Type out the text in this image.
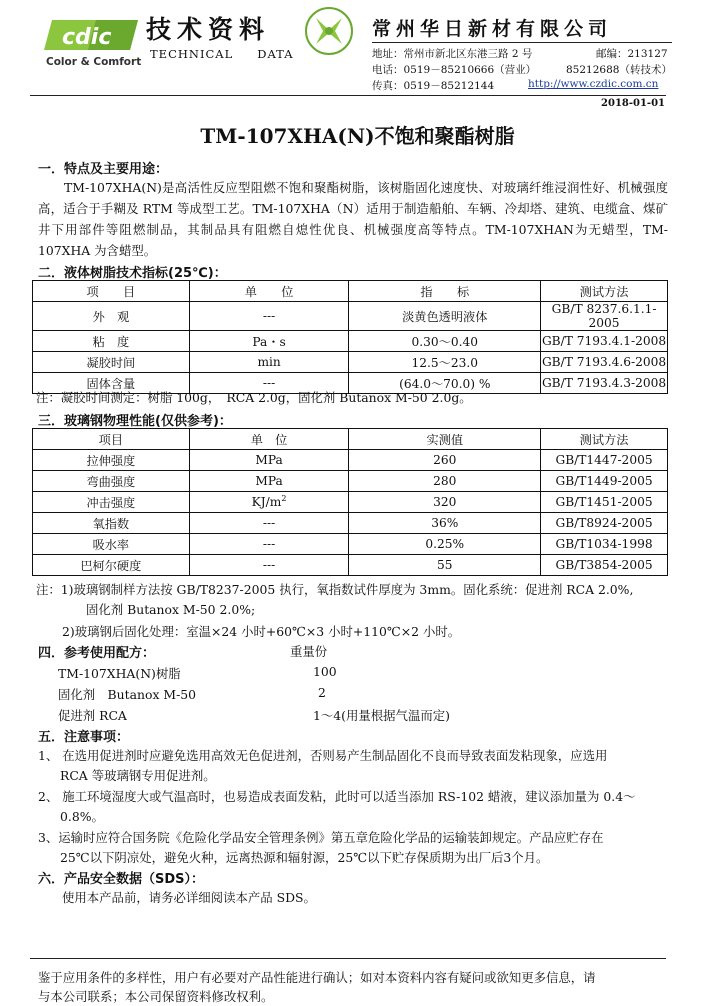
cdic
Color & Comfort
技术资料
TECHNICAL DATA
常州华日新材有限公司
地址：常州市新北区东港三路 2 号	邮编：213127
电话：0519－85210666（营业）	85212688（转技术）
传真：0519－85212144	http://www.czdic.com.cn
2018-01-01
TM-107XHA(N)不饱和聚酯树脂
一．特点及主要用途：
TM-107XHA(N)是高活性反应型阻燃不饱和聚酯树脂，该树脂固化速度快、对玻璃纤维浸润性好、机械强度高，适合于手糊及 RTM 等成型工艺。TM-107XHA（N）适用于制造船舶、车辆、冷却塔、建筑、电缆盒、煤矿井下用部件等阻燃制品，其制品具有阻燃自熄性优良、机械强度高等特点。TM-107XHAN为无蜡型，TM-107XHA 为含蜡型。
二．液体树脂技术指标(25℃)：
项　　目	单　　位	指　　标	测试方法
外　观	---	淡黄色透明液体	GB/T 8237.6.1.1-2005
粘　度	Pa・s	0.30～0.40	GB/T 7193.4.1-2008
凝胶时间	min	12.5～23.0	GB/T 7193.4.6-2008
固体含量	---	(64.0～70.0) %	GB/T 7193.4.3-2008
注：凝胶时间测定：树脂 100g，　RCA 2.0g，固化剂 Butanox M-50 2.0g。
三．玻璃钢物理性能(仅供参考)：
项目	单　位	实测值	测试方法
拉伸强度	MPa	260	GB/T1447-2005
弯曲强度	MPa	280	GB/T1449-2005
冲击强度	$KJ/m^2$	320	GB/T1451-2005
氧指数	---	36%	GB/T8924-2005
吸水率	---	0.25%	GB/T1034-1998
巴柯尔硬度	---	55	GB/T3854-2005
注：1)玻璃钢制样方法按 GB/T8237-2005 执行，氧指数试件厚度为 3mm。固化系统：促进剂 RCA 2.0%,
固化剂 Butanox M-50 2.0%;
2)玻璃钢后固化处理：室温×24 小时+60℃×3 小时+110℃×2 小时。
四．参考使用配方：	重量份
TM-107XHA(N)树脂	100
固化剂　Butanox M-50	2
促进剂 RCA	1～4(用量根据气温而定)
五．注意事项：
1、 在选用促进剂时应避免选用高效无色促进剂，否则易产生制品固化不良而导致表面发粘现象，应选用
RCA 等玻璃钢专用促进剂。
2、 施工环境湿度大或气温高时，也易造成表面发粘，此时可以适当添加 RS-102 蜡液，建议添加量为 0.4～
0.8%。
3、运输时应符合国务院《危险化学品安全管理条例》第五章危险化学品的运输装卸规定。产品应贮存在
25℃以下阴凉处，避免火种，远离热源和辐射源，25℃以下贮存保质期为出厂后3个月。
六．产品安全数据（SDS）：
使用本产品前，请务必详细阅读本产品 SDS。
鉴于应用条件的多样性，用户有必要对产品性能进行确认；如对本资料内容有疑问或欲知更多信息，请
与本公司联系；本公司保留资料修改权利。
